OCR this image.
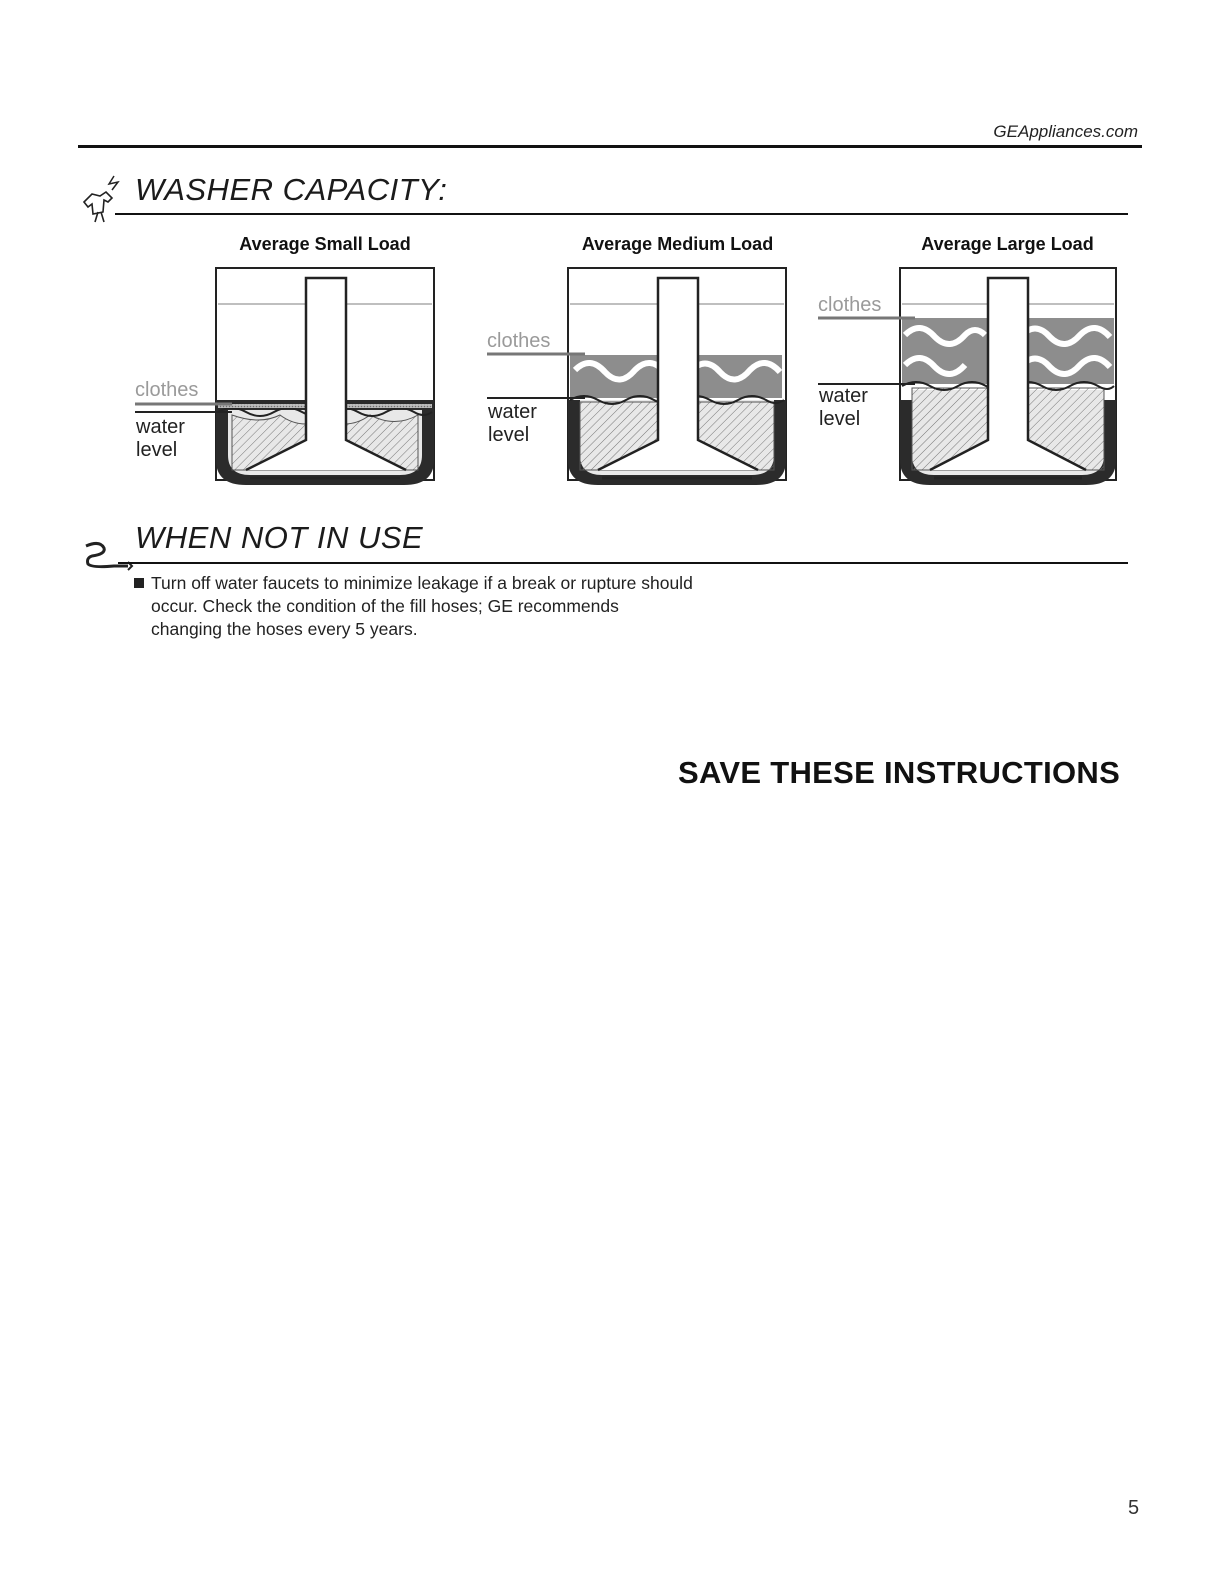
GEAppliances.com
WASHER CAPACITY:
Average Small Load	Average Medium Load	Average Large Load
clothes
water
level
clothes
water
level
clothes
water
level
WHEN NOT IN USE
Turn off water faucets to minimize leakage if a break or rupture should occur. Check the condition of the fill hoses; GE recommends changing the hoses every 5 years.
SAVE THESE INSTRUCTIONS
5
